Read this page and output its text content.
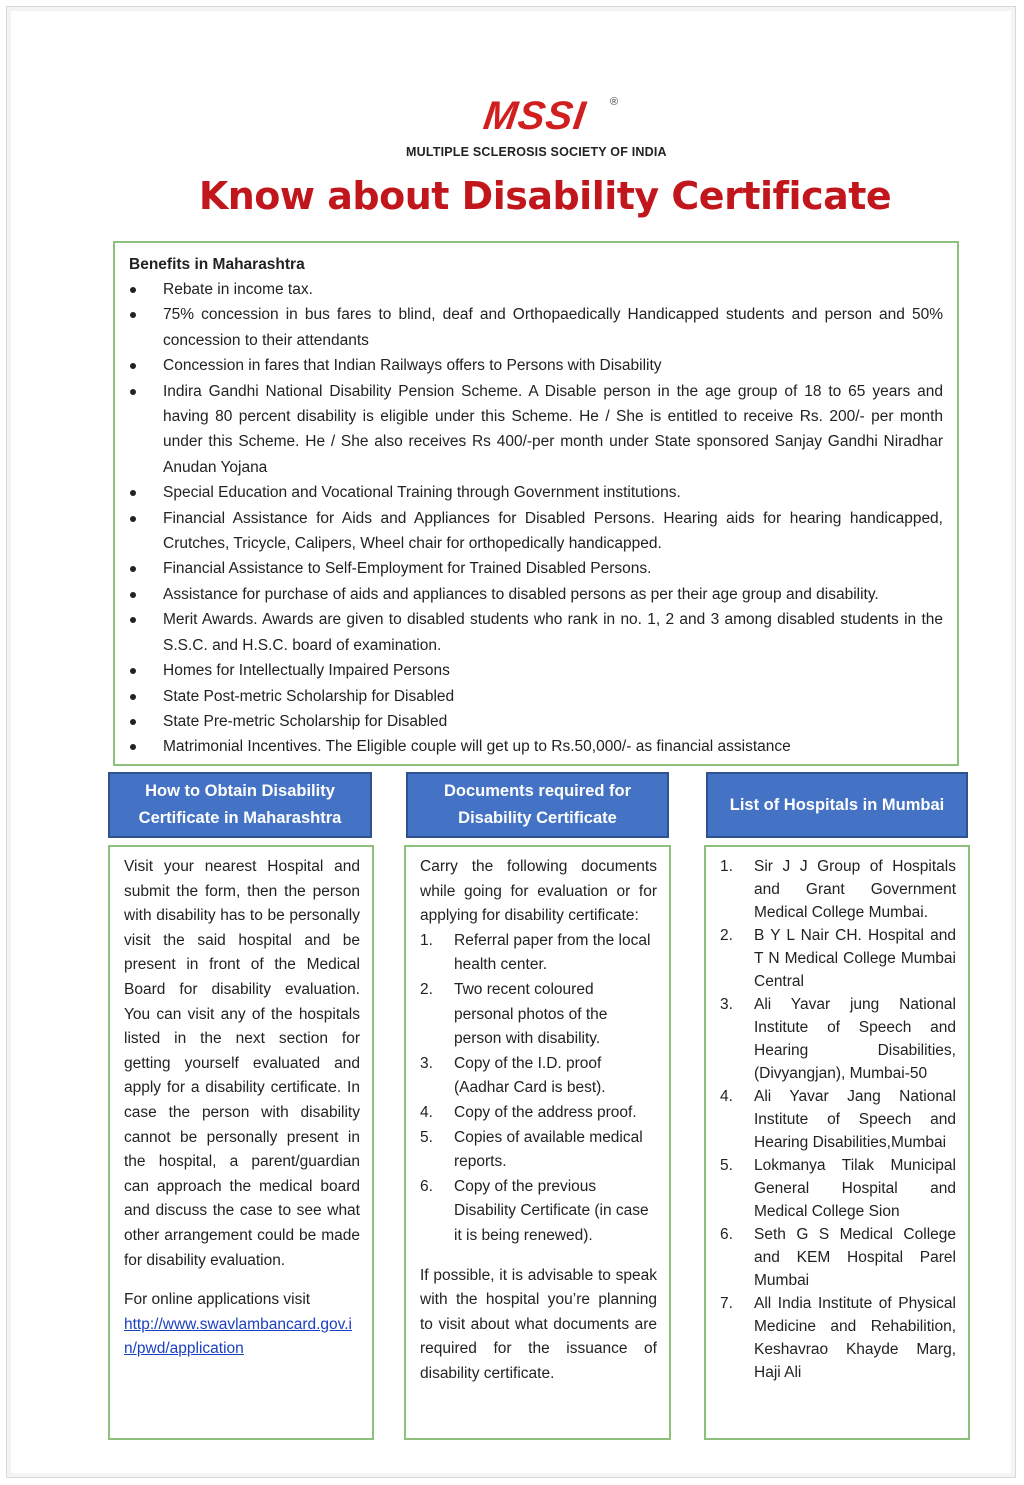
MSSI ®
MULTIPLE SCLEROSIS SOCIETY OF INDIA
Know about Disability Certificate
Benefits in Maharashtra
Rebate in income tax.
75% concession in bus fares to blind, deaf and Orthopaedically Handicapped students and person and 50% concession to their attendants
Concession in fares that Indian Railways offers to Persons with Disability
Indira Gandhi National Disability Pension Scheme. A Disable person in the age group of 18 to 65 years and having 80 percent disability is eligible under this Scheme. He / She is entitled to receive Rs. 200/- per month under this Scheme. He / She also receives Rs 400/-per month under State sponsored Sanjay Gandhi Niradhar Anudan Yojana
Special Education and Vocational Training through Government institutions.
Financial Assistance for Aids and Appliances for Disabled Persons. Hearing aids for hearing handicapped, Crutches, Tricycle, Calipers, Wheel chair for orthopedically handicapped.
Financial Assistance to Self-Employment for Trained Disabled Persons.
Assistance for purchase of aids and appliances to disabled persons as per their age group and disability.
Merit Awards. Awards are given to disabled students who rank in no. 1, 2 and 3 among disabled students in the S.S.C. and H.S.C. board of examination.
Homes for Intellectually Impaired Persons
State Post-metric Scholarship for Disabled
State Pre-metric Scholarship for Disabled
Matrimonial Incentives. The Eligible couple will get up to Rs.50,000/- as financial assistance
How to Obtain Disability Certificate in Maharashtra

Visit your nearest Hospital and submit the form, then the person with disability has to be personally visit the said hospital and be present in front of the Medical Board for disability evaluation. You can visit any of the hospitals listed in the next section for getting yourself evaluated and apply for a disability certificate. In case the person with disability cannot be personally present in the hospital, a parent/guardian can approach the medical board and discuss the case to see what other arrangement could be made for disability evaluation.

For online applications visit

http://www.swavlambancard.gov.in/pwd/application

Documents required for Disability Certificate

Carry the following documents while going for evaluation or for applying for disability certificate:

1. Referral paper from the local health center.
2. Two recent coloured personal photos of the person with disability.
3. Copy of the I.D. proof (Aadhar Card is best).
4. Copy of the address proof.
5. Copies of available medical reports.
6. Copy of the previous Disability Certificate (in case it is being renewed).

If possible, it is advisable to speak with the hospital you’re planning to visit about what documents are required for the issuance of disability certificate.

List of Hospitals in Mumbai
1. Sir J J Group of Hospitals and Grant Government Medical College Mumbai.
2. B Y L Nair CH. Hospital and T N Medical College Mumbai Central
3. Ali Yavar jung National Institute of Speech and Hearing Disabilities, (Divyangjan), Mumbai-50
4. Ali Yavar Jang National Institute of Speech and Hearing Disabilities,Mumbai
5. Lokmanya Tilak Municipal General Hospital and Medical College Sion
6. Seth G S Medical College and KEM Hospital Parel Mumbai
7. All India Institute of Physical Medicine and Rehabilition, Keshavrao Khayde Marg, Haji Ali
